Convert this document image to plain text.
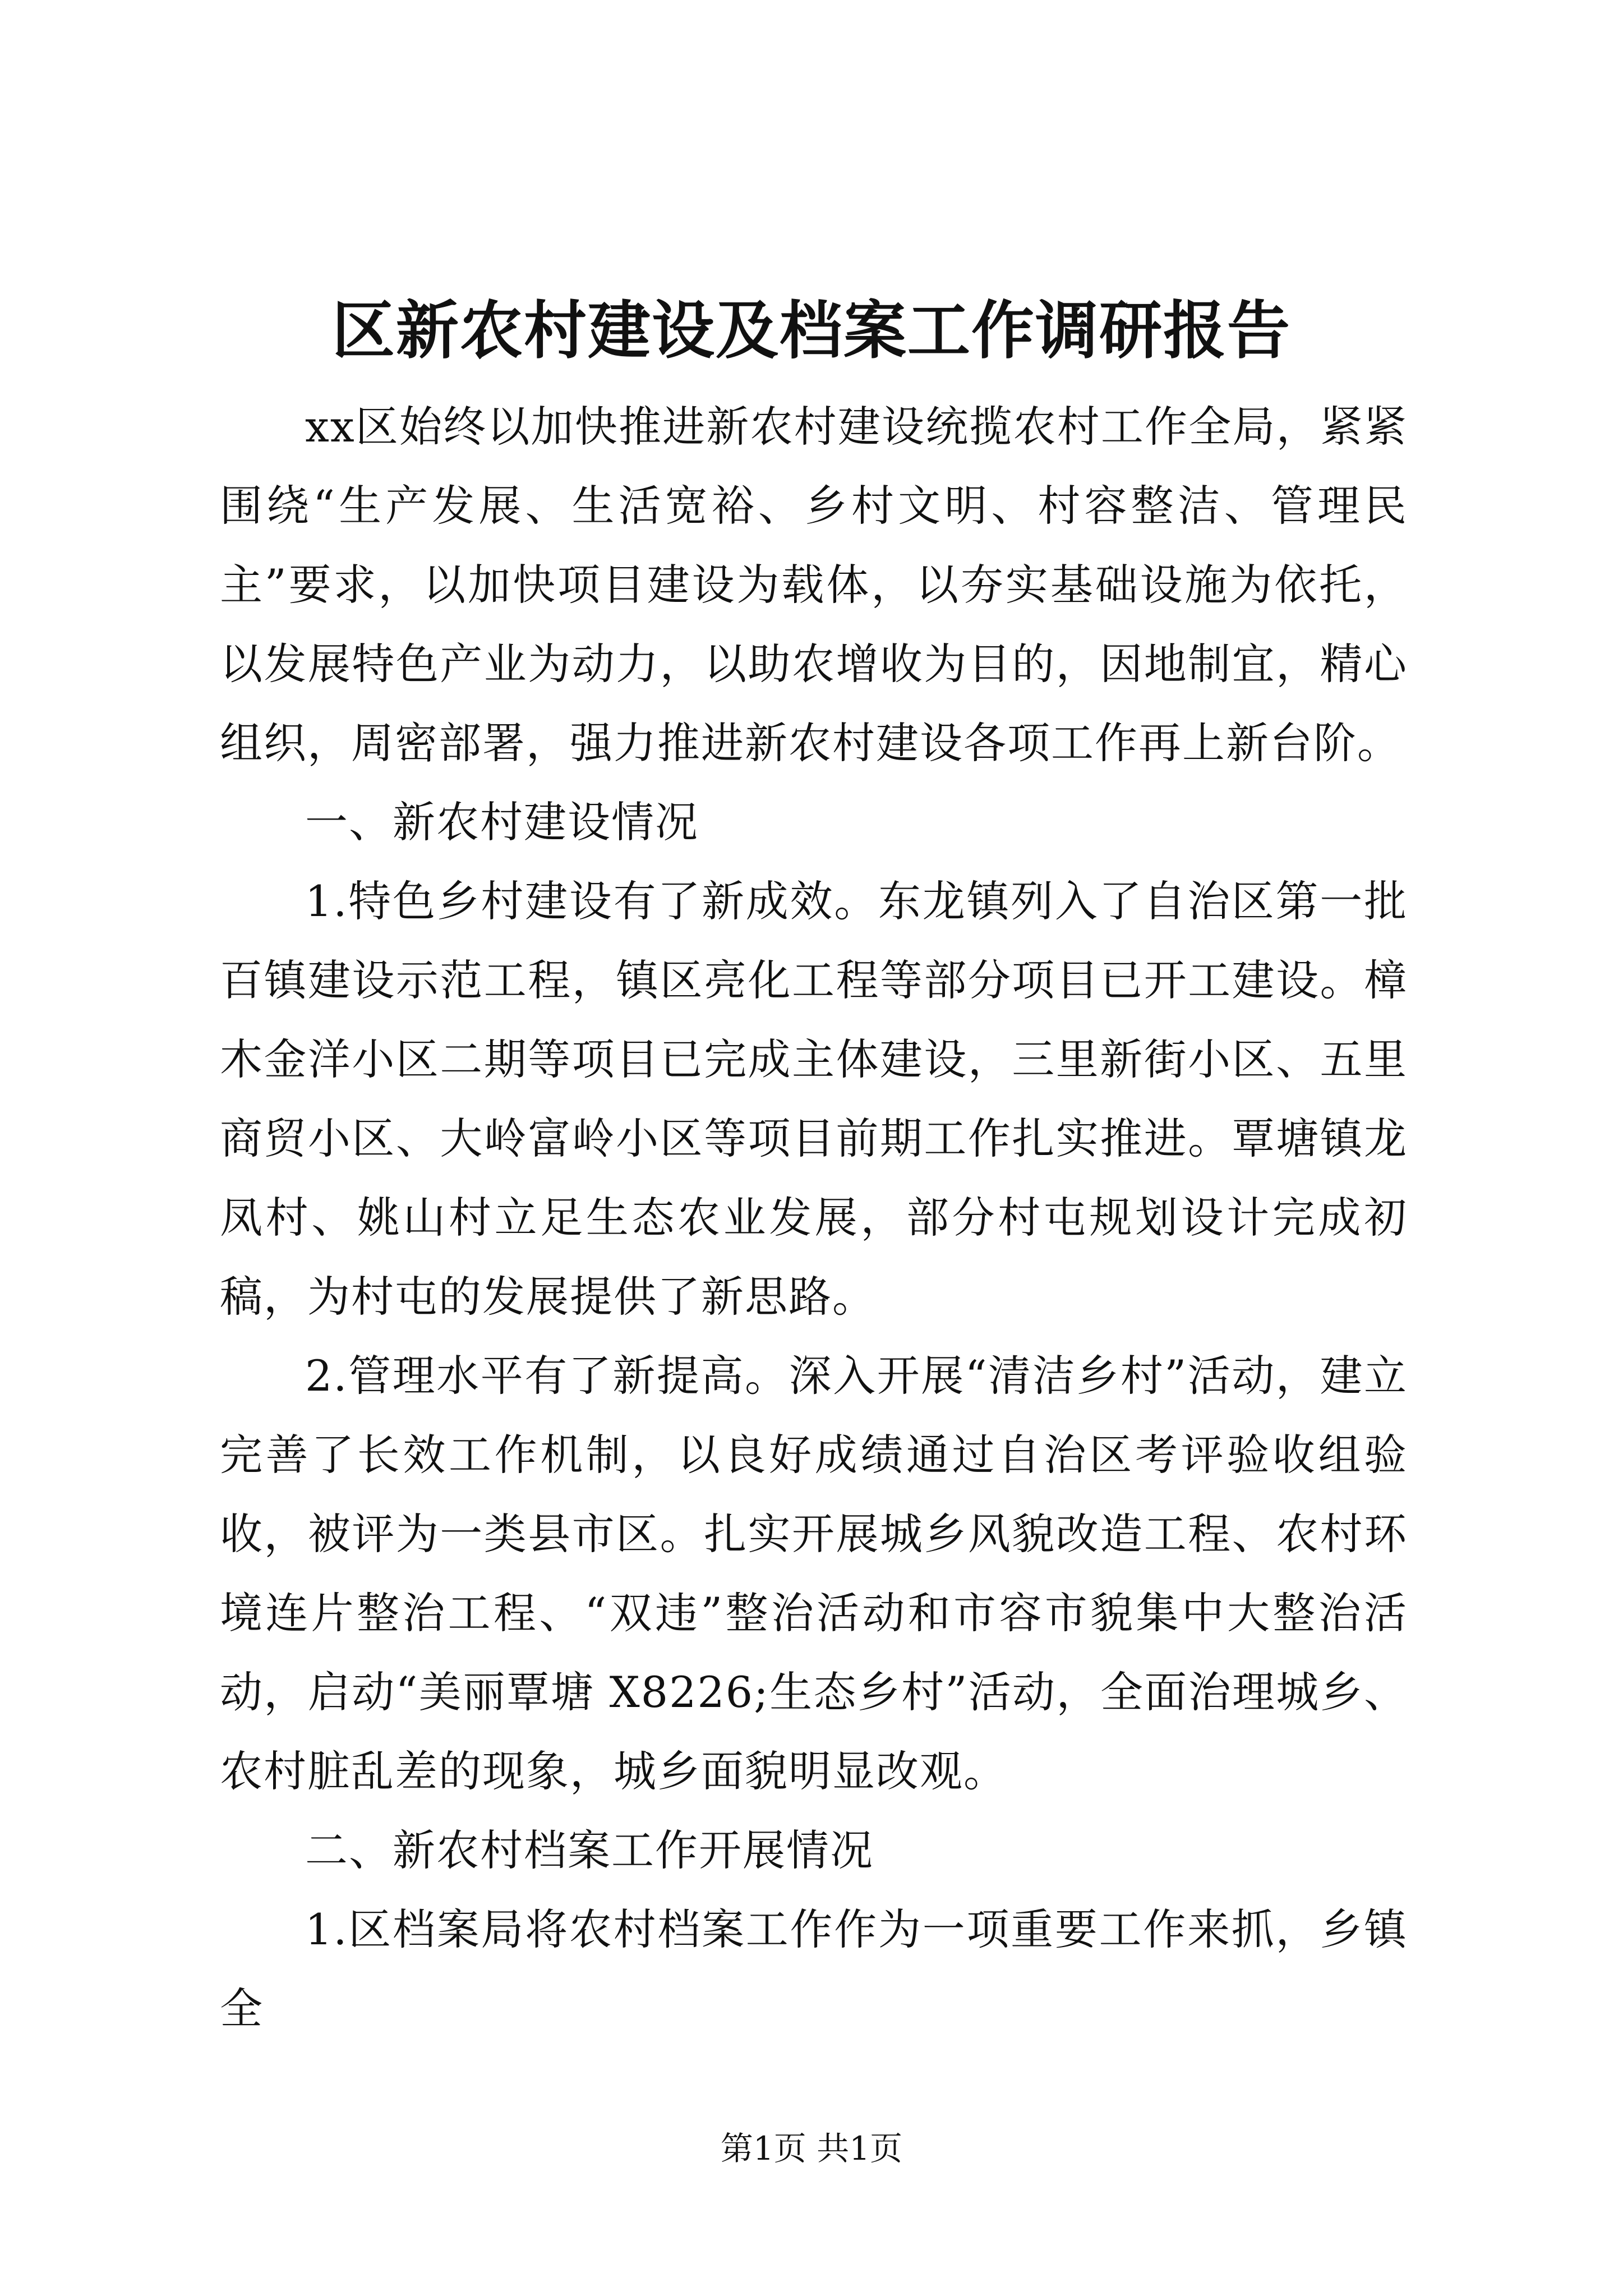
区新农村建设及档案工作调研报告

xx区始终以加快推进新农村建设统揽农村工作全局，紧紧围绕“生产发展、生活宽裕、乡村文明、村容整洁、管理民主”要求，以加快项目建设为载体，以夯实基础设施为依托，以发展特色产业为动力，以助农增收为目的，因地制宜，精心组织，周密部署，强力推进新农村建设各项工作再上新台阶。

一、新农村建设情况

1.特色乡村建设有了新成效。东龙镇列入了自治区第一批百镇建设示范工程，镇区亮化工程等部分项目已开工建设。樟木金洋小区二期等项目已完成主体建设，三里新街小区、五里商贸小区、大岭富岭小区等项目前期工作扎实推进。覃塘镇龙凤村、姚山村立足生态农业发展，部分村屯规划设计完成初稿，为村屯的发展提供了新思路。

2.管理水平有了新提高。深入开展“清洁乡村”活动，建立完善了长效工作机制，以良好成绩通过自治区考评验收组验收，被评为一类县市区。扎实开展城乡风貌改造工程、农村环境连片整治工程、“双违”整治活动和市容市貌集中大整治活动，启动“美丽覃塘 X8226;生态乡村”活动，全面治理城乡、农村脏乱差的现象，城乡面貌明显改观。

二、新农村档案工作开展情况

1.区档案局将农村档案工作作为一项重要工作来抓，乡镇全

第1页 共1页
